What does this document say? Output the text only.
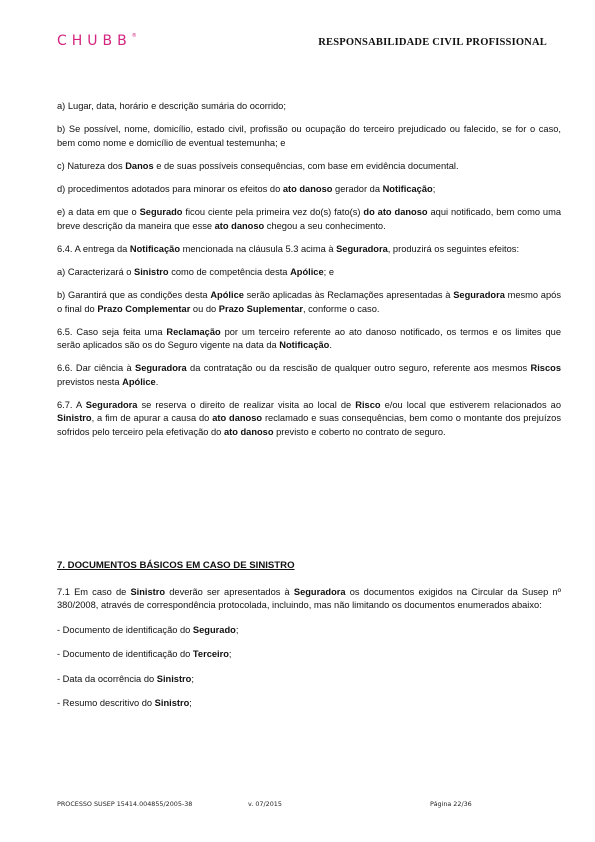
CHUBB®
RESPONSABILIDADE CIVIL PROFISSIONAL

a) Lugar, data, horário e descrição sumária do ocorrido;

b) Se possível, nome, domicílio, estado civil, profissão ou ocupação do terceiro prejudicado ou falecido, se for o caso, bem como nome e domicílio de eventual testemunha; e

c) Natureza dos Danos e de suas possíveis consequências, com base em evidência documental.

d) procedimentos adotados para minorar os efeitos do ato danoso gerador da Notificação;

e) a data em que o Segurado ficou ciente pela primeira vez do(s) fato(s) do ato danoso aqui notificado, bem como uma breve descrição da maneira que esse ato danoso chegou a seu conhecimento.

6.4. A entrega da Notificação mencionada na cláusula 5.3 acima à Seguradora, produzirá os seguintes efeitos:

a) Caracterizará o Sinistro como de competência desta Apólice; e

b) Garantirá que as condições desta Apólice serão aplicadas às Reclamações apresentadas à Seguradora mesmo após o final do Prazo Complementar ou do Prazo Suplementar, conforme o caso.

6.5. Caso seja feita uma Reclamação por um terceiro referente ao ato danoso notificado, os termos e os limites que serão aplicados são os do Seguro vigente na data da Notificação.

6.6. Dar ciência à Seguradora da contratação ou da rescisão de qualquer outro seguro, referente aos mesmos Riscos previstos nesta Apólice.

6.7. A Seguradora se reserva o direito de realizar visita ao local de Risco e/ou local que estiverem relacionados ao Sinistro, a fim de apurar a causa do ato danoso reclamado e suas consequências, bem como o montante dos prejuízos sofridos pelo terceiro pela efetivação do ato danoso previsto e coberto no contrato de seguro.

7. DOCUMENTOS BÁSICOS EM CASO DE SINISTRO

7.1 Em caso de Sinistro deverão ser apresentados à Seguradora os documentos exigidos na Circular da Susep nº 380/2008, através de correspondência protocolada, incluindo, mas não limitando os documentos enumerados abaixo:

- Documento de identificação do Segurado;

- Documento de identificação do Terceiro;

- Data da ocorrência do Sinistro;

- Resumo descritivo do Sinistro;

PROCESSO SUSEP 15414.004855/2005-38	v. 07/2015	Página 22/36
